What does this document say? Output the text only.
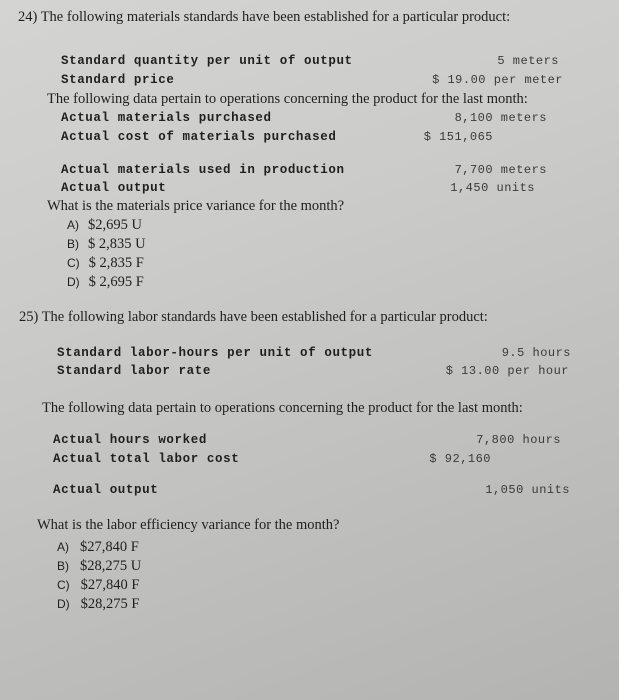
24) The following materials standards have been established for a particular product:
Standard quantity per unit of output	5 meters
Standard price	$ 19.00 per meter
The following data pertain to operations concerning the product for the last month:
Actual materials purchased	8,100 meters
Actual cost of materials purchased	$ 151,065
Actual materials used in production	7,700 meters
Actual output	1,450 units
What is the materials price variance for the month?
A) $2,695 U
B) $ 2,835 U
C) $ 2,835 F
D) $ 2,695 F
25) The following labor standards have been established for a particular product:
Standard labor-hours per unit of output	9.5 hours
Standard labor rate	$ 13.00 per hour
The following data pertain to operations concerning the product for the last month:
Actual hours worked	7,800 hours
Actual total labor cost	$ 92,160
Actual output	1,050 units
What is the labor efficiency variance for the month?
A) $27,840 F
B) $28,275 U
C) $27,840 F
D) $28,275 F
